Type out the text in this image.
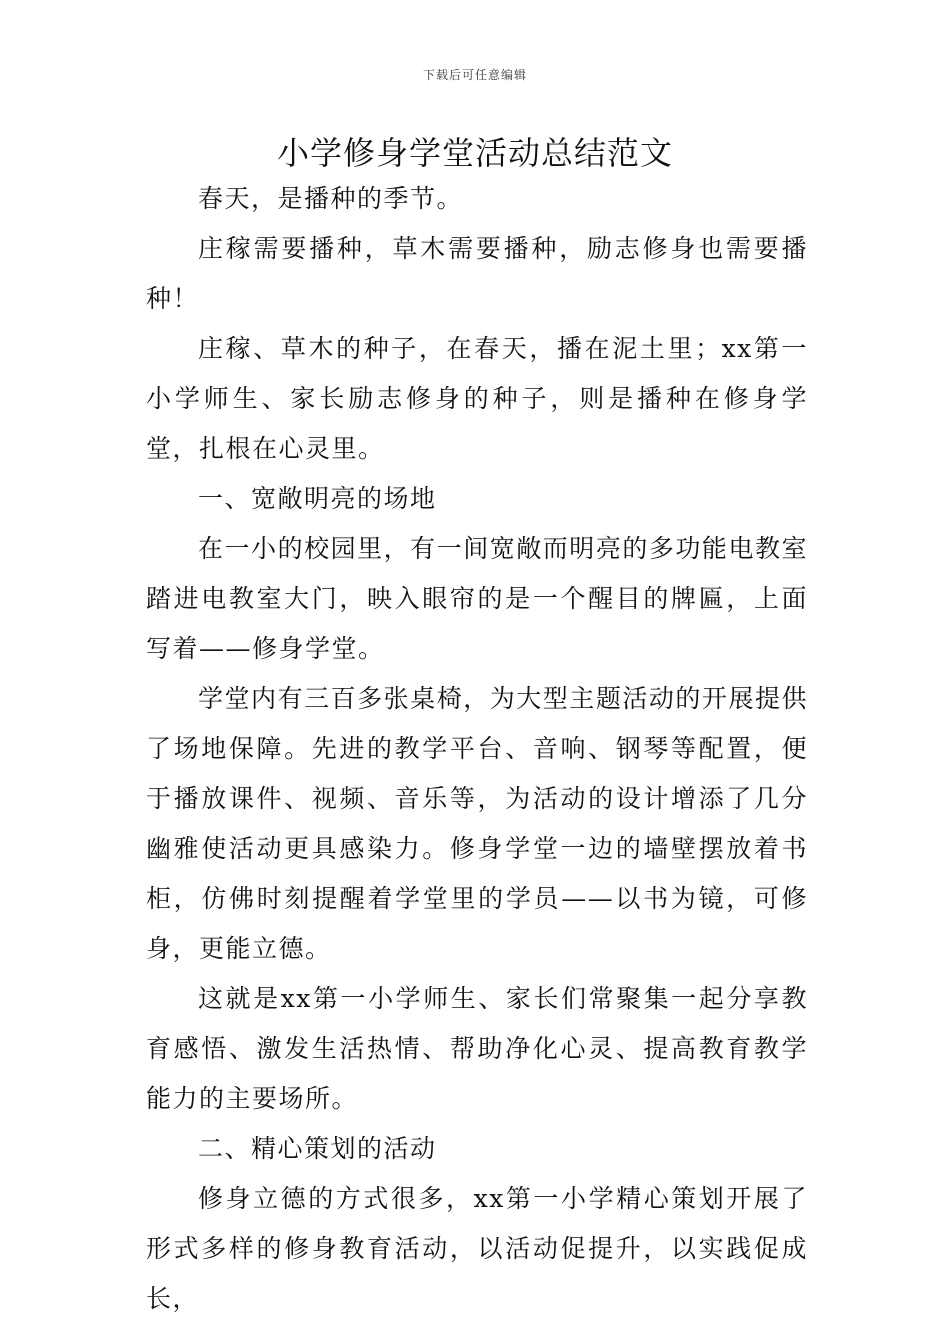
下载后可任意编辑
小学修身学堂活动总结范文

春天，是播种的季节。

庄稼需要播种，草木需要播种，励志修身也需要播种！

庄稼、草木的种子，在春天，播在泥土里；xx第一小学师生、家长励志修身的种子，则是播种在修身学堂，扎根在心灵里。

一、宽敞明亮的场地

在一小的校园里，有一间宽敞而明亮的多功能电教室踏进电教室大门，映入眼帘的是一个醒目的牌匾，上面写着——修身学堂。

学堂内有三百多张桌椅，为大型主题活动的开展提供了场地保障。先进的教学平台、音响、钢琴等配置，便于播放课件、视频、音乐等，为活动的设计增添了几分幽雅使活动更具感染力。修身学堂一边的墙壁摆放着书柜，仿佛时刻提醒着学堂里的学员——以书为镜，可修身，更能立德。

这就是xx第一小学师生、家长们常聚集一起分享教育感悟、激发生活热情、帮助净化心灵、提高教育教学能力的主要场所。

二、精心策划的活动

修身立德的方式很多，xx第一小学精心策划开展了形式多样的修身教育活动，以活动促提升，以实践促成长，
